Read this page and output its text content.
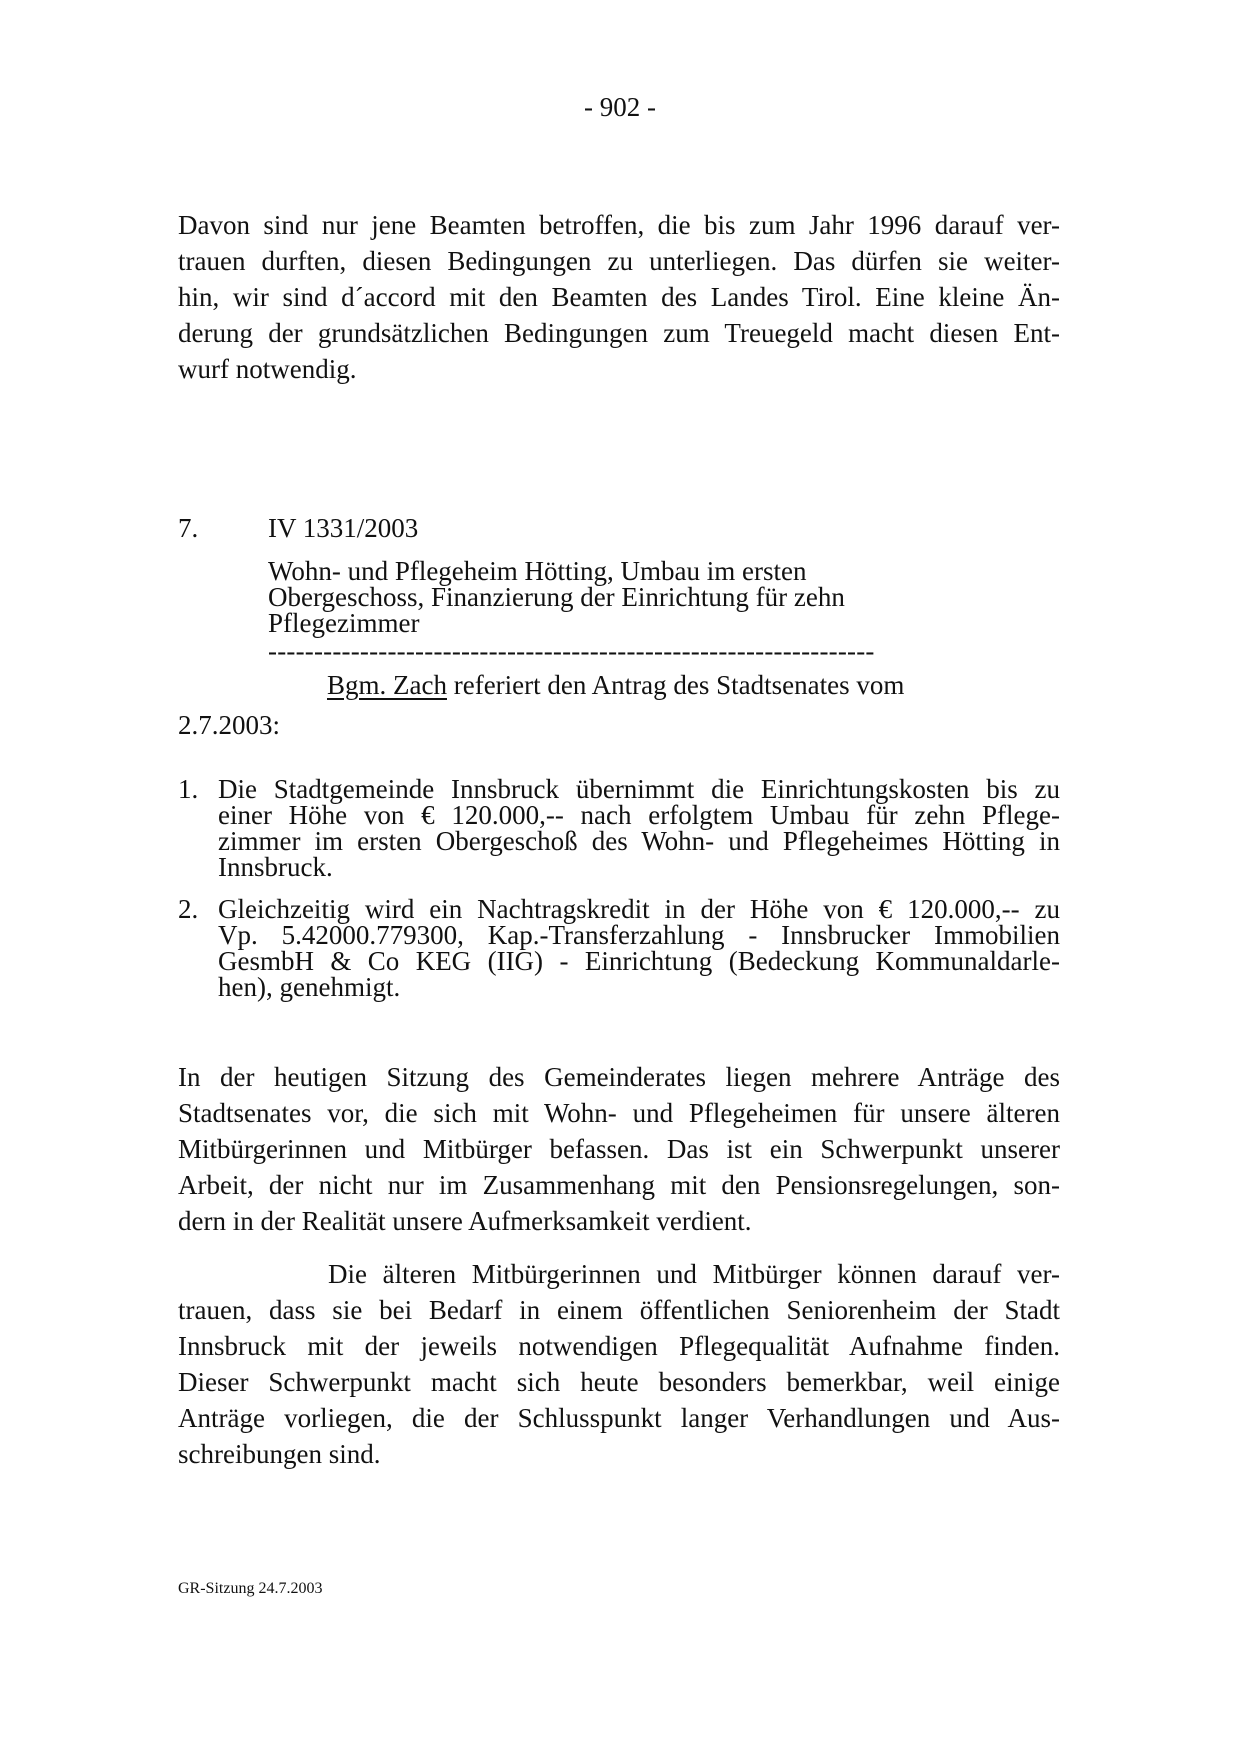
- 902 -
Davon sind nur jene Beamten betroffen, die bis zum Jahr 1996 darauf ver-
trauen durften, diesen Bedingungen zu unterliegen. Das dürfen sie weiter-
hin, wir sind d´accord mit den Beamten des Landes Tirol. Eine kleine Än-
derung der grundsätzlichen Bedingungen zum Treuegeld macht diesen Ent-
wurf notwendig.
7.	IV 1331/2003
Wohn- und Pflegeheim Hötting, Umbau im ersten
Obergeschoss, Finanzierung der Einrichtung für zehn
Pflegezimmer
------------------------------------------------------------------
Bgm. Zach referiert den Antrag des Stadtsenates vom
2.7.2003:
1. Die Stadtgemeinde Innsbruck übernimmt die Einrichtungskosten bis zu
einer Höhe von € 120.000,-- nach erfolgtem Umbau für zehn Pflege-
zimmer im ersten Obergeschoß des Wohn- und Pflegeheimes Hötting in
Innsbruck.
2. Gleichzeitig wird ein Nachtragskredit in der Höhe von € 120.000,-- zu
Vp. 5.42000.779300, Kap.-Transferzahlung - Innsbrucker Immobilien
GesmbH & Co KEG (IIG) - Einrichtung (Bedeckung Kommunaldarle-
hen), genehmigt.
In der heutigen Sitzung des Gemeinderates liegen mehrere Anträge des
Stadtsenates vor, die sich mit Wohn- und Pflegeheimen für unsere älteren
Mitbürgerinnen und Mitbürger befassen. Das ist ein Schwerpunkt unserer
Arbeit, der nicht nur im Zusammenhang mit den Pensionsregelungen, son-
dern in der Realität unsere Aufmerksamkeit verdient.
Die älteren Mitbürgerinnen und Mitbürger können darauf ver-
trauen, dass sie bei Bedarf in einem öffentlichen Seniorenheim der Stadt
Innsbruck mit der jeweils notwendigen Pflegequalität Aufnahme finden.
Dieser Schwerpunkt macht sich heute besonders bemerkbar, weil einige
Anträge vorliegen, die der Schlusspunkt langer Verhandlungen und Aus-
schreibungen sind.
GR-Sitzung 24.7.2003
